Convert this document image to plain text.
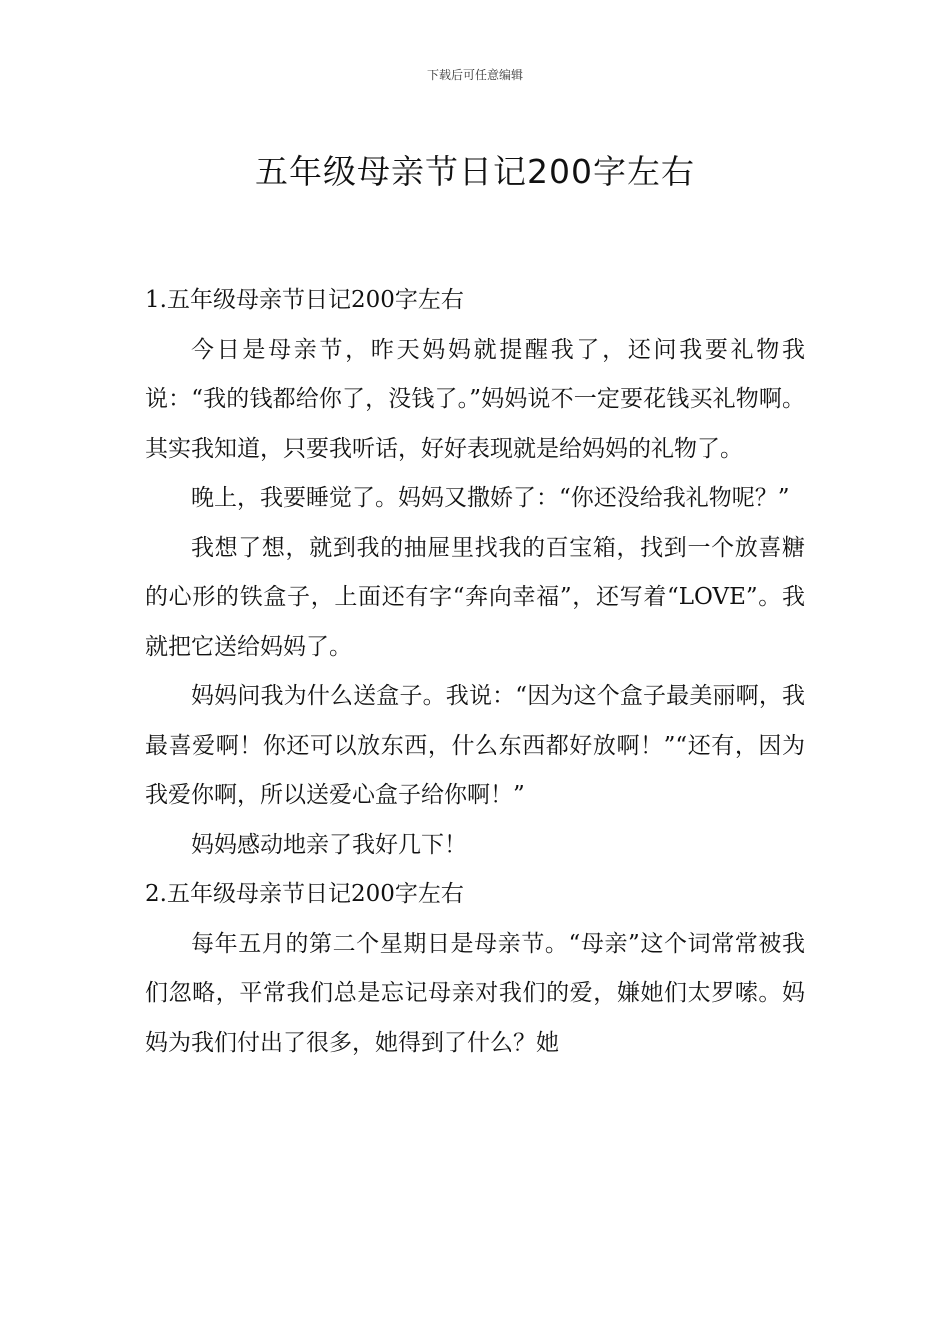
下载后可任意编辑
五年级母亲节日记200字左右

1.五年级母亲节日记200字左右

今日是母亲节，昨天妈妈就提醒我了，还问我要礼物我说：“我的钱都给你了，没钱了。”妈妈说不一定要花钱买礼物啊。其实我知道，只要我听话，好好表现就是给妈妈的礼物了。

晚上，我要睡觉了。妈妈又撒娇了：“你还没给我礼物呢？”

我想了想，就到我的抽屉里找我的百宝箱，找到一个放喜糖的心形的铁盒子，上面还有字“奔向幸福”，还写着“LOVE”。我就把它送给妈妈了。

妈妈问我为什么送盒子。我说：“因为这个盒子最美丽啊，我最喜爱啊！你还可以放东西，什么东西都好放啊！”“还有，因为我爱你啊，所以送爱心盒子给你啊！”

妈妈感动地亲了我好几下！

2.五年级母亲节日记200字左右

每年五月的第二个星期日是母亲节。“母亲”这个词常常被我们忽略，平常我们总是忘记母亲对我们的爱，嫌她们太罗嗦。妈妈为我们付出了很多，她得到了什么？她
